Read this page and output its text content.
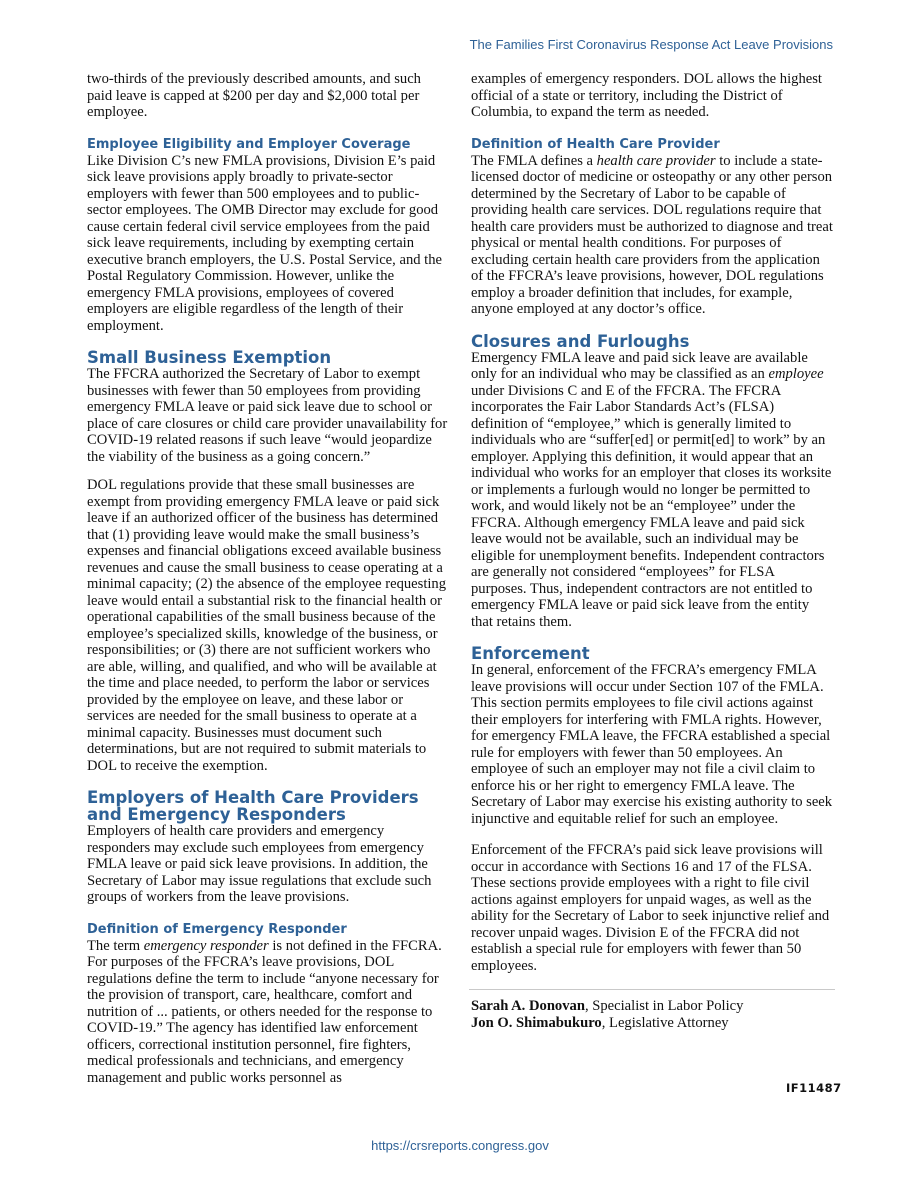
The Families First Coronavirus Response Act Leave Provisions

two-thirds of the previously described amounts, and such paid leave is capped at $200 per day and $2,000 total per employee.

Employee Eligibility and Employer Coverage

Like Division C’s new FMLA provisions, Division E’s paid sick leave provisions apply broadly to private-sector employers with fewer than 500 employees and to public-sector employees. The OMB Director may exclude for good cause certain federal civil service employees from the paid sick leave requirements, including by exempting certain executive branch employers, the U.S. Postal Service, and the Postal Regulatory Commission. However, unlike the emergency FMLA provisions, employees of covered employers are eligible regardless of the length of their employment.

Small Business Exemption

The FFCRA authorized the Secretary of Labor to exempt businesses with fewer than 50 employees from providing emergency FMLA leave or paid sick leave due to school or place of care closures or child care provider unavailability for COVID-19 related reasons if such leave “would jeopardize the viability of the business as a going concern.”

DOL regulations provide that these small businesses are exempt from providing emergency FMLA leave or paid sick leave if an authorized officer of the business has determined that (1) providing leave would make the small business’s expenses and financial obligations exceed available business revenues and cause the small business to cease operating at a minimal capacity; (2) the absence of the employee requesting leave would entail a substantial risk to the financial health or operational capabilities of the small business because of the employee’s specialized skills, knowledge of the business, or responsibilities; or (3) there are not sufficient workers who are able, willing, and qualified, and who will be available at the time and place needed, to perform the labor or services provided by the employee on leave, and these labor or services are needed for the small business to operate at a minimal capacity. Businesses must document such determinations, but are not required to submit materials to DOL to receive the exemption.

Employers of Health Care Providers and Emergency Responders

Employers of health care providers and emergency responders may exclude such employees from emergency FMLA leave or paid sick leave provisions. In addition, the Secretary of Labor may issue regulations that exclude such groups of workers from the leave provisions.

Definition of Emergency Responder

The term emergency responder is not defined in the FFCRA. For purposes of the FFCRA’s leave provisions, DOL regulations define the term to include “anyone necessary for the provision of transport, care, healthcare, comfort and nutrition of ... patients, or others needed for the response to COVID-19.” The agency has identified law enforcement officers, correctional institution personnel, fire fighters, medical professionals and technicians, and emergency management and public works personnel as

examples of emergency responders. DOL allows the highest official of a state or territory, including the District of Columbia, to expand the term as needed.

Definition of Health Care Provider

The FMLA defines a health care provider to include a state-licensed doctor of medicine or osteopathy or any other person determined by the Secretary of Labor to be capable of providing health care services. DOL regulations require that health care providers must be authorized to diagnose and treat physical or mental health conditions. For purposes of excluding certain health care providers from the application of the FFCRA’s leave provisions, however, DOL regulations employ a broader definition that includes, for example, anyone employed at any doctor’s office.

Closures and Furloughs

Emergency FMLA leave and paid sick leave are available only for an individual who may be classified as an employee under Divisions C and E of the FFCRA. The FFCRA incorporates the Fair Labor Standards Act’s (FLSA) definition of “employee,” which is generally limited to individuals who are “suffer[ed] or permit[ed] to work” by an employer. Applying this definition, it would appear that an individual who works for an employer that closes its worksite or implements a furlough would no longer be permitted to work, and would likely not be an “employee” under the FFCRA. Although emergency FMLA leave and paid sick leave would not be available, such an individual may be eligible for unemployment benefits. Independent contractors are generally not considered “employees” for FLSA purposes. Thus, independent contractors are not entitled to emergency FMLA leave or paid sick leave from the entity that retains them.

Enforcement

In general, enforcement of the FFCRA’s emergency FMLA leave provisions will occur under Section 107 of the FMLA. This section permits employees to file civil actions against their employers for interfering with FMLA rights. However, for emergency FMLA leave, the FFCRA established a special rule for employers with fewer than 50 employees. An employee of such an employer may not file a civil claim to enforce his or her right to emergency FMLA leave. The Secretary of Labor may exercise his existing authority to seek injunctive and equitable relief for such an employee.

Enforcement of the FFCRA’s paid sick leave provisions will occur in accordance with Sections 16 and 17 of the FLSA. These sections provide employees with a right to file civil actions against employers for unpaid wages, as well as the ability for the Secretary of Labor to seek injunctive relief and recover unpaid wages. Division E of the FFCRA did not establish a special rule for employers with fewer than 50 employees.

Sarah A. Donovan, Specialist in Labor Policy

Jon O. Shimabukuro, Legislative Attorney

IF11487
https://crsreports.congress.gov
